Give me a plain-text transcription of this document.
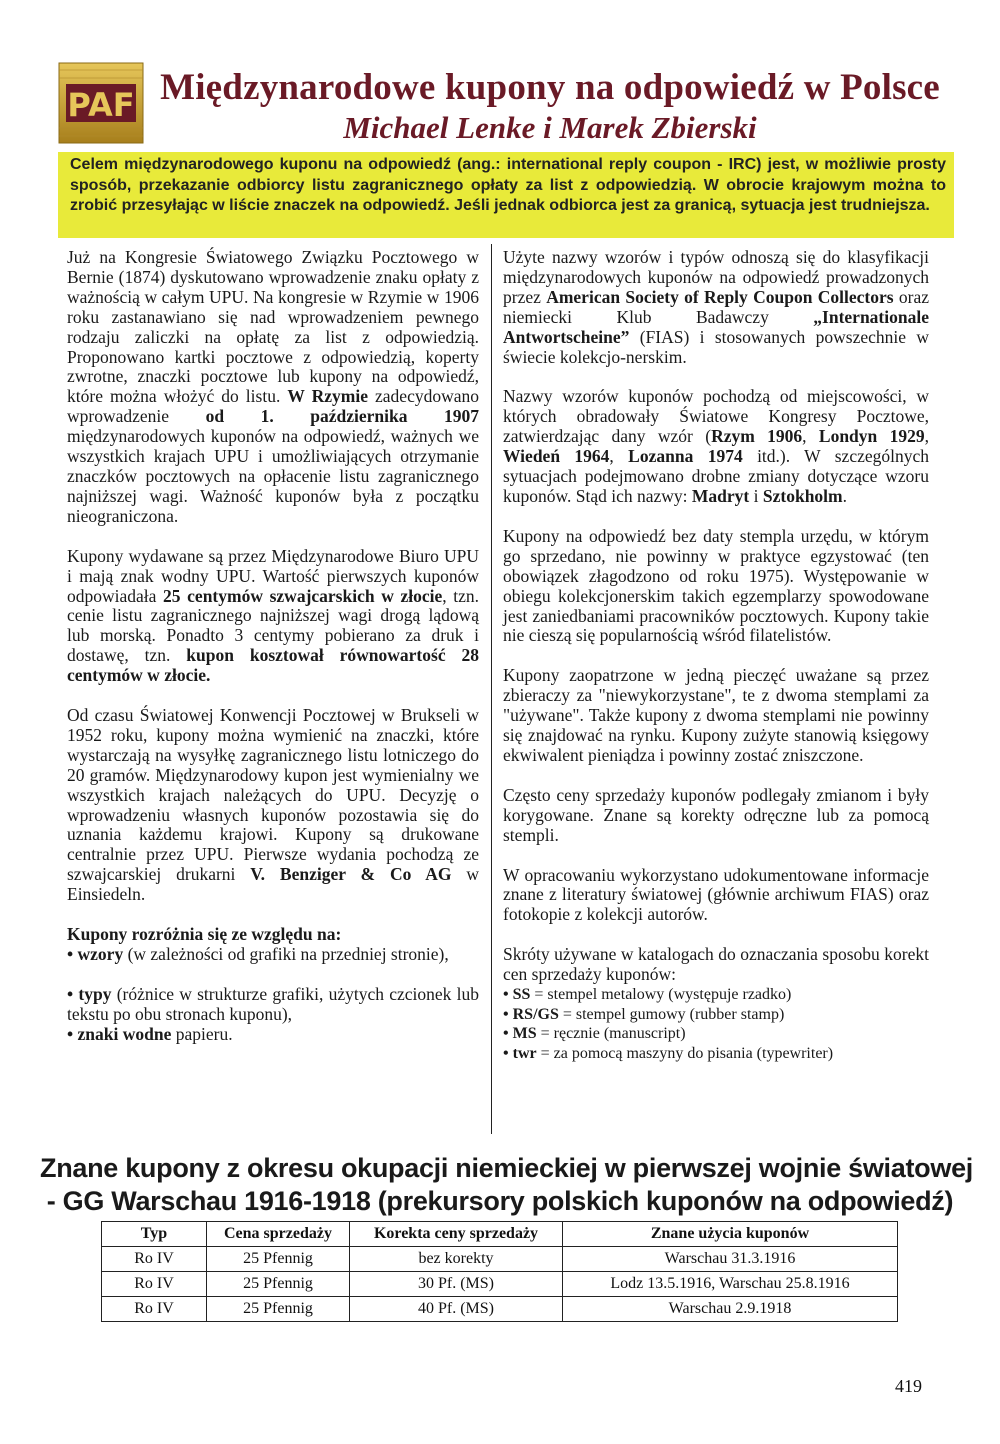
PAF Międzynarodowe kupony na odpowiedź w Polsce
Michael Lenke i Marek Zbierski
Celem międzynarodowego kuponu na odpowiedź (ang.: international reply coupon - IRC) jest, w możliwie prosty sposób, przekazanie odbiorcy listu zagranicznego opłaty za list z odpowiedzią. W obrocie krajowym można to zrobić przesyłając w liście znaczek na odpowiedź. Jeśli jednak odbiorca jest za granicą, sytuacja jest trudniejsza.

Już na Kongresie Światowego Związku Pocztowego w Bernie (1874) dyskutowano wprowadzenie znaku opłaty z ważnością w całym UPU. Na kongresie w Rzymie w 1906 roku zastanawiano się nad wprowadzeniem pewnego rodzaju zaliczki na opłatę za list z odpowiedzią. Proponowano kartki pocztowe z odpowiedzią, koperty zwrotne, znaczki pocztowe lub kupony na odpowiedź, które można włożyć do listu. W Rzymie zadecydowano wprowadzenie od 1. października 1907 międzynarodowych kuponów na odpowiedź, ważnych we wszystkich krajach UPU i umożliwiających otrzymanie znaczków pocztowych na opłacenie listu zagranicznego najniższej wagi. Ważność kuponów była z początku nieograniczona.

Kupony wydawane są przez Międzynarodowe Biuro UPU i mają znak wodny UPU. Wartość pierwszych kuponów odpowiadała 25 centymów szwajcarskich w złocie, tzn. cenie listu zagranicznego najniższej wagi drogą lądową lub morską. Ponadto 3 centymy pobierano za druk i dostawę, tzn. kupon kosztował równowartość 28 centymów w złocie.

Od czasu Światowej Konwencji Pocztowej w Brukseli w 1952 roku, kupony można wymienić na znaczki, które wystarczają na wysyłkę zagranicznego listu lotniczego do 20 gramów. Międzynarodowy kupon jest wymienialny we wszystkich krajach należących do UPU. Decyzję o wprowadzeniu własnych kuponów pozostawia się do uznania każdemu krajowi. Kupony są drukowane centralnie przez UPU. Pierwsze wydania pochodzą ze szwajcarskiej drukarni V. Benziger & Co AG w Einsiedeln.

Kupony rozróżnia się ze względu na:
• wzory (w zależności od grafiki na przedniej stronie),
• typy (różnice w strukturze grafiki, użytych czcionek lub tekstu po obu stronach kuponu),
• znaki wodne papieru.

Użyte nazwy wzorów i typów odnoszą się do klasyfikacji międzynarodowych kuponów na odpowiedź prowadzonych przez American Society of Reply Coupon Collectors oraz niemiecki Klub Badawczy „Internationale Antwortscheine” (FIAS) i stosowanych powszechnie w świecie kolekcjo-nerskim.

Nazwy wzorów kuponów pochodzą od miejscowości, w których obradowały Światowe Kongresy Pocztowe, zatwierdzając dany wzór (Rzym 1906, Londyn 1929, Wiedeń 1964, Lozanna 1974 itd.). W szczególnych sytuacjach podejmowano drobne zmiany dotyczące wzoru kuponów. Stąd ich nazwy: Madryt i Sztokholm.

Kupony na odpowiedź bez daty stempla urzędu, w którym go sprzedano, nie powinny w praktyce egzystować (ten obowiązek złagodzono od roku 1975). Występowanie w obiegu kolekcjonerskim takich egzemplarzy spowodowane jest zaniedbaniami pracowników pocztowych. Kupony takie nie cieszą się popularnością wśród filatelistów.

Kupony zaopatrzone w jedną pieczęć uważane są przez zbieraczy za "niewykorzystane", te z dwoma stemplami za "używane". Także kupony z dwoma stemplami nie powinny się znajdować na rynku. Kupony zużyte stanowią księgowy ekwiwalent pieniądza i powinny zostać zniszczone.

Często ceny sprzedaży kuponów podlegały zmianom i były korygowane. Znane są korekty odręczne lub za pomocą stempli.

W opracowaniu wykorzystano udokumentowane informacje znane z literatury światowej (głównie archiwum FIAS) oraz fotokopie z kolekcji autorów.

Skróty używane w katalogach do oznaczania sposobu korekt cen sprzedaży kuponów:

• SS = stempel metalowy (występuje rzadko)
• RS/GS = stempel gumowy (rubber stamp)
• MS = ręcznie (manuscript)
• twr = za pomocą maszyny do pisania (typewriter)
Znane kupony z okresu okupacji niemieckiej w pierwszej wojnie światowej
- GG Warschau 1916-1918 (prekursory polskich kuponów na odpowiedź)
Typ	Cena sprzedaży	Korekta ceny sprzedaży	Znane użycia kuponów
Ro IV	25 Pfennig	bez korekty	Warschau 31.3.1916
Ro IV	25 Pfennig	30 Pf. (MS)	Lodz 13.5.1916, Warschau 25.8.1916
Ro IV	25 Pfennig	40 Pf. (MS)	Warschau 2.9.1918
419
